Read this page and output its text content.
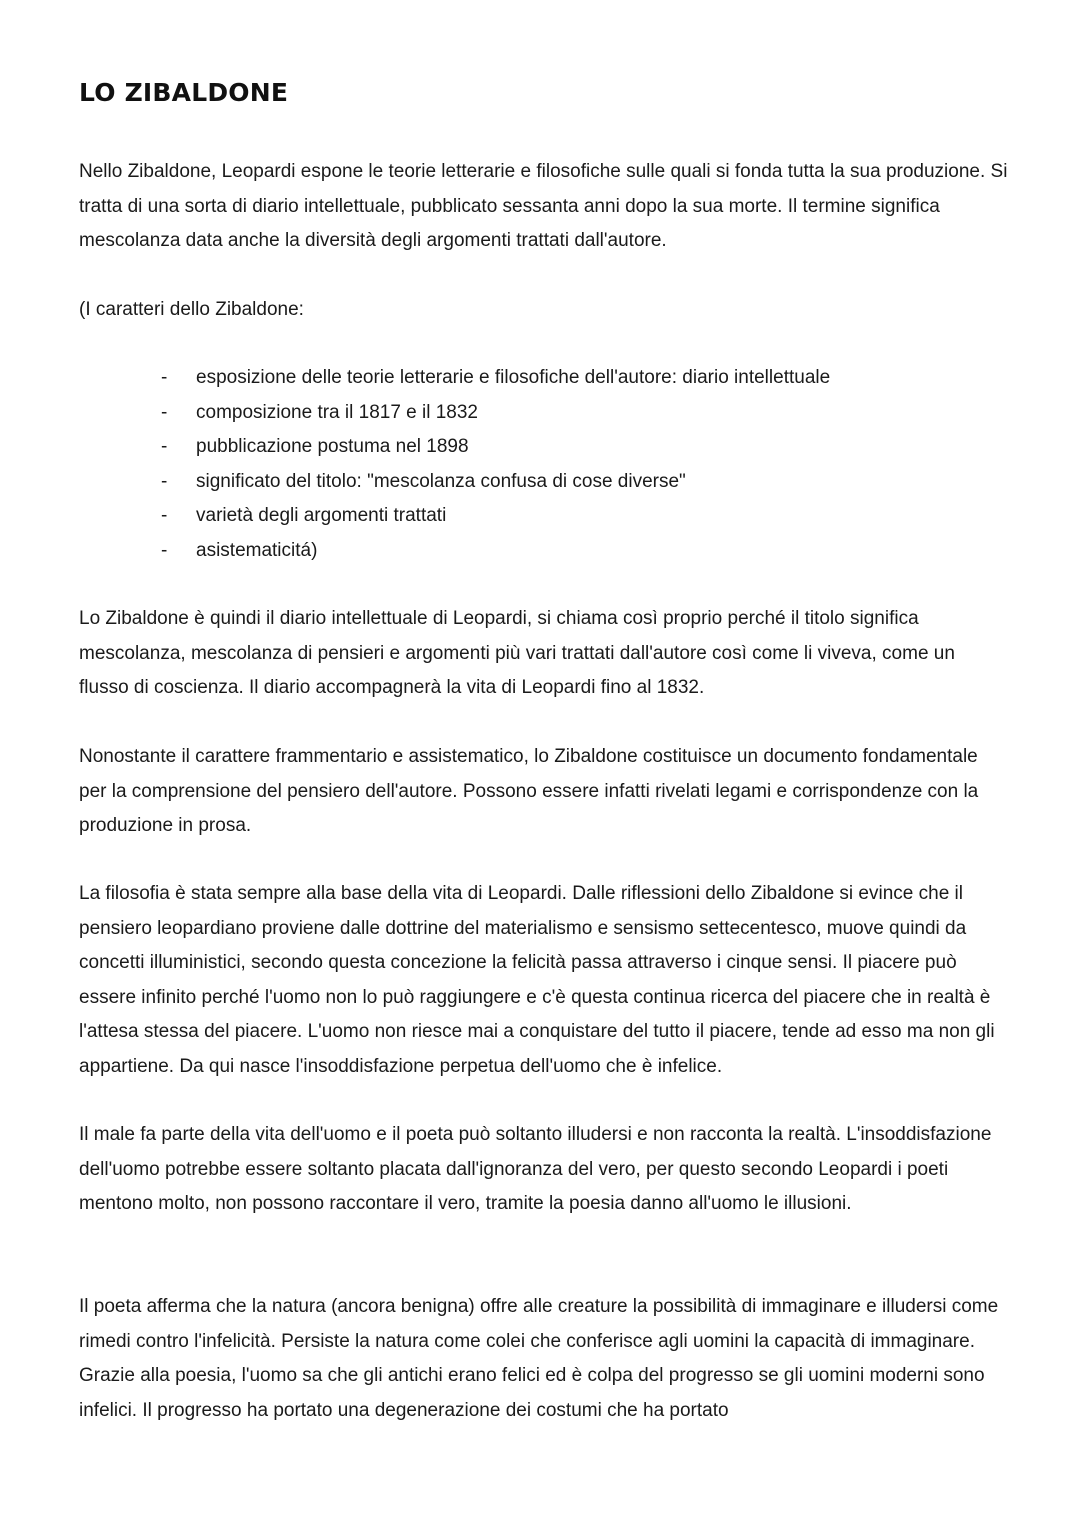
LO ZIBALDONE

Nello Zibaldone, Leopardi espone le teorie letterarie e filosofiche sulle quali si fonda tutta la sua produzione. Si tratta di una sorta di diario intellettuale, pubblicato sessanta anni dopo la sua morte. Il termine significa mescolanza data anche la diversità degli argomenti trattati dall'autore.

(I caratteri dello Zibaldone:

- esposizione delle teorie letterarie e filosofiche dell'autore: diario intellettuale
- composizione tra il 1817 e il 1832
- pubblicazione postuma nel 1898
- significato del titolo: "mescolanza confusa di cose diverse"
- varietà degli argomenti trattati
- asistematicitá)

Lo Zibaldone è quindi il diario intellettuale di Leopardi, si chiama così proprio perché il titolo significa mescolanza, mescolanza di pensieri e argomenti più vari trattati dall'autore così come li viveva, come un flusso di coscienza. Il diario accompagnerà la vita di Leopardi fino al 1832.

Nonostante il carattere frammentario e assistematico, lo Zibaldone costituisce un documento fondamentale per la comprensione del pensiero dell'autore. Possono essere infatti rivelati legami e corrispondenze con la produzione in prosa.

La filosofia è stata sempre alla base della vita di Leopardi. Dalle riflessioni dello Zibaldone si evince che il pensiero leopardiano proviene dalle dottrine del materialismo e sensismo settecentesco, muove quindi da concetti illuministici, secondo questa concezione la felicità passa attraverso i cinque sensi. Il piacere può essere infinito perché l'uomo non lo può raggiungere e c'è questa continua ricerca del piacere che in realtà è l'attesa stessa del piacere. L'uomo non riesce mai a conquistare del tutto il piacere, tende ad esso ma non gli appartiene. Da qui nasce l'insoddisfazione perpetua dell'uomo che è infelice.

Il male fa parte della vita dell'uomo e il poeta può soltanto illudersi e non racconta la realtà. L'insoddisfazione dell'uomo potrebbe essere soltanto placata dall'ignoranza del vero, per questo secondo Leopardi i poeti mentono molto, non possono raccontare il vero, tramite la poesia danno all'uomo le illusioni.

Il poeta afferma che la natura (ancora benigna) offre alle creature la possibilità di immaginare e illudersi come rimedi contro l'infelicità. Persiste la natura come colei che conferisce agli uomini la capacità di immaginare. Grazie alla poesia, l'uomo sa che gli antichi erano felici ed è colpa del progresso se gli uomini moderni sono infelici. Il progresso ha portato una degenerazione dei costumi che ha portato
